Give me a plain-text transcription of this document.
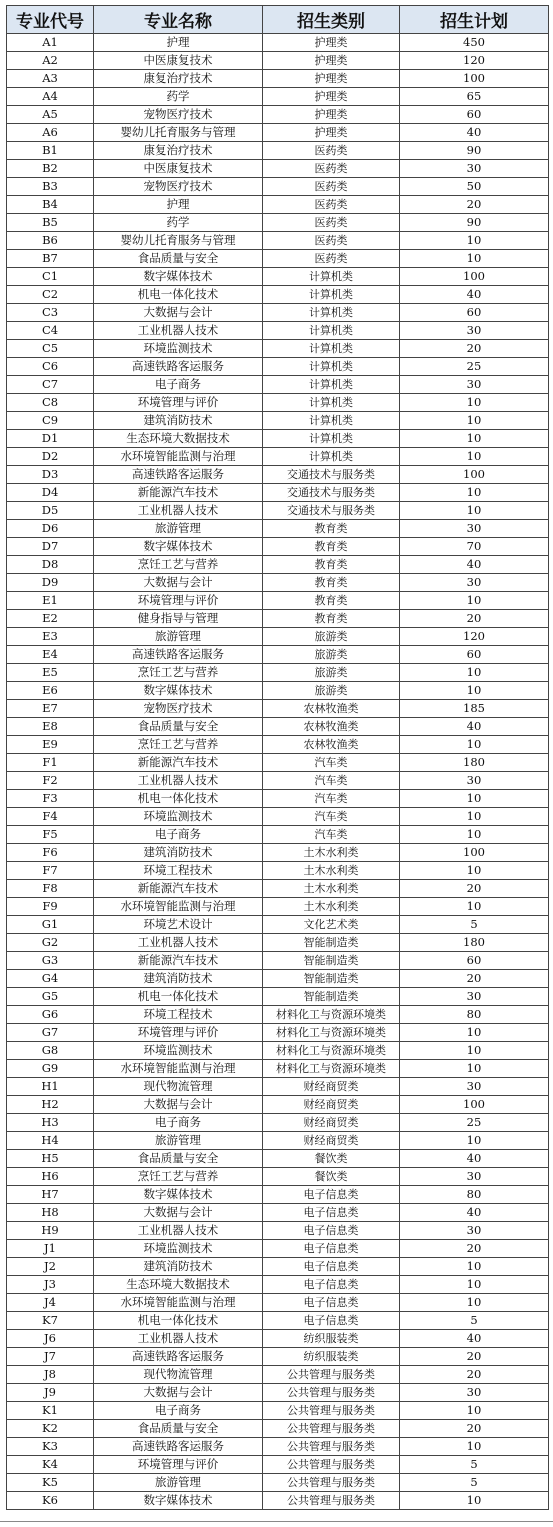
专业代号	专业名称	招生类别	招生计划
A1	护理	护理类	450
A2	中医康复技术	护理类	120
A3	康复治疗技术	护理类	100
A4	药学	护理类	65
A5	宠物医疗技术	护理类	60
A6	婴幼儿托育服务与管理	护理类	40
B1	康复治疗技术	医药类	90
B2	中医康复技术	医药类	30
B3	宠物医疗技术	医药类	50
B4	护理	医药类	20
B5	药学	医药类	90
B6	婴幼儿托育服务与管理	医药类	10
B7	食品质量与安全	医药类	10
C1	数字媒体技术	计算机类	100
C2	机电一体化技术	计算机类	40
C3	大数据与会计	计算机类	60
C4	工业机器人技术	计算机类	30
C5	环境监测技术	计算机类	20
C6	高速铁路客运服务	计算机类	25
C7	电子商务	计算机类	30
C8	环境管理与评价	计算机类	10
C9	建筑消防技术	计算机类	10
D1	生态环境大数据技术	计算机类	10
D2	水环境智能监测与治理	计算机类	10
D3	高速铁路客运服务	交通技术与服务类	100
D4	新能源汽车技术	交通技术与服务类	10
D5	工业机器人技术	交通技术与服务类	10
D6	旅游管理	教育类	30
D7	数字媒体技术	教育类	70
D8	烹饪工艺与营养	教育类	40
D9	大数据与会计	教育类	30
E1	环境管理与评价	教育类	10
E2	健身指导与管理	教育类	20
E3	旅游管理	旅游类	120
E4	高速铁路客运服务	旅游类	60
E5	烹饪工艺与营养	旅游类	10
E6	数字媒体技术	旅游类	10
E7	宠物医疗技术	农林牧渔类	185
E8	食品质量与安全	农林牧渔类	40
E9	烹饪工艺与营养	农林牧渔类	10
F1	新能源汽车技术	汽车类	180
F2	工业机器人技术	汽车类	30
F3	机电一体化技术	汽车类	10
F4	环境监测技术	汽车类	10
F5	电子商务	汽车类	10
F6	建筑消防技术	土木水利类	100
F7	环境工程技术	土木水利类	10
F8	新能源汽车技术	土木水利类	20
F9	水环境智能监测与治理	土木水利类	10
G1	环境艺术设计	文化艺术类	5
G2	工业机器人技术	智能制造类	180
G3	新能源汽车技术	智能制造类	60
G4	建筑消防技术	智能制造类	20
G5	机电一体化技术	智能制造类	30
G6	环境工程技术	材料化工与资源环境类	80
G7	环境管理与评价	材料化工与资源环境类	10
G8	环境监测技术	材料化工与资源环境类	10
G9	水环境智能监测与治理	材料化工与资源环境类	10
H1	现代物流管理	财经商贸类	30
H2	大数据与会计	财经商贸类	100
H3	电子商务	财经商贸类	25
H4	旅游管理	财经商贸类	10
H5	食品质量与安全	餐饮类	40
H6	烹饪工艺与营养	餐饮类	30
H7	数字媒体技术	电子信息类	80
H8	大数据与会计	电子信息类	40
H9	工业机器人技术	电子信息类	30
J1	环境监测技术	电子信息类	20
J2	建筑消防技术	电子信息类	10
J3	生态环境大数据技术	电子信息类	10
J4	水环境智能监测与治理	电子信息类	10
K7	机电一体化技术	电子信息类	5
J6	工业机器人技术	纺织服装类	40
J7	高速铁路客运服务	纺织服装类	20
J8	现代物流管理	公共管理与服务类	20
J9	大数据与会计	公共管理与服务类	30
K1	电子商务	公共管理与服务类	10
K2	食品质量与安全	公共管理与服务类	20
K3	高速铁路客运服务	公共管理与服务类	10
K4	环境管理与评价	公共管理与服务类	5
K5	旅游管理	公共管理与服务类	5
K6	数字媒体技术	公共管理与服务类	10
